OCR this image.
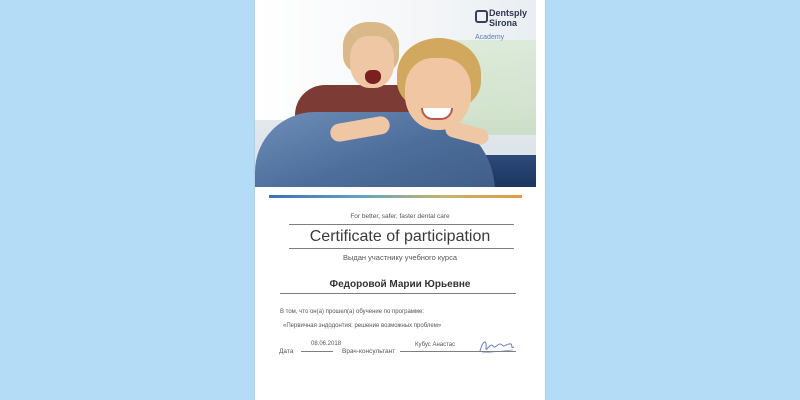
Dentsply
Sirona
Academy
For better, safer, faster dental care
Certificate of participation
Выдан участнику учебного курса
Федоровой Марии Юрьевне
В том, что он(а) прошел(а) обучение по программе:
«Первичная эндодонтия: решение возможных проблем»
Дата
08.06.2018
Врач-консультант
Кубус Анастас
